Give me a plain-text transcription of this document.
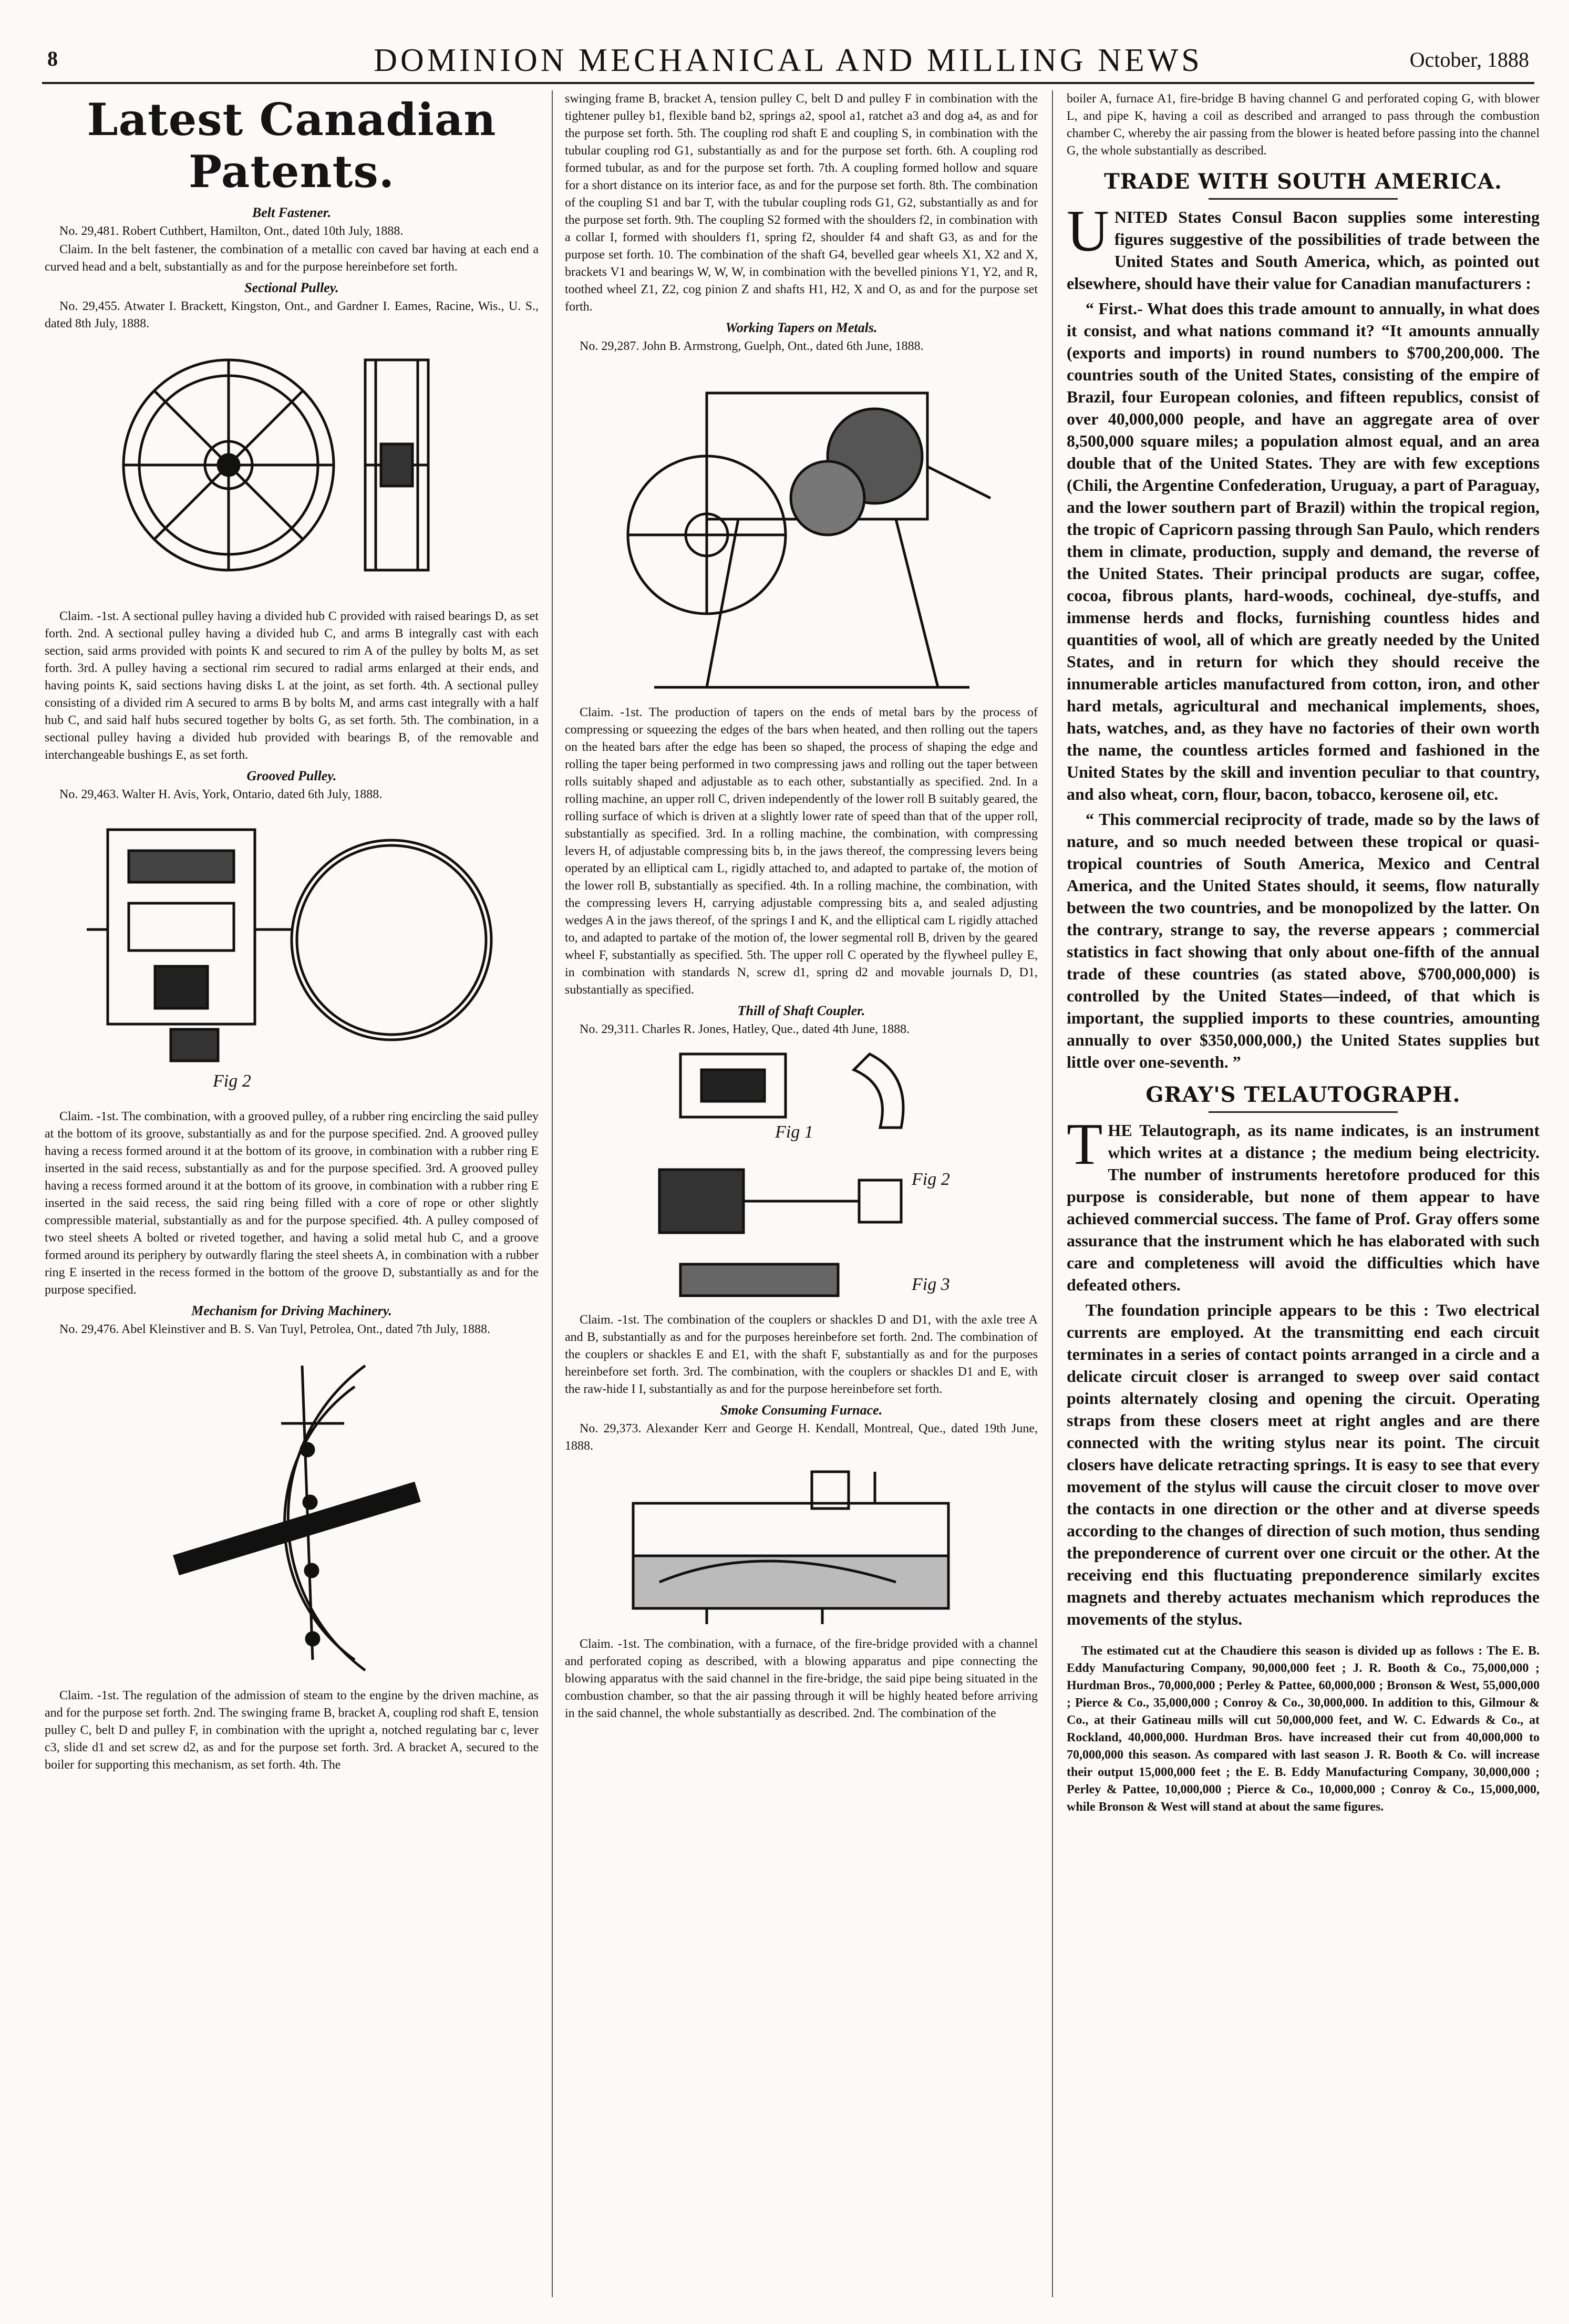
8	DOMINION MECHANICAL AND MILLING NEWS	October, 1888
Latest Canadian Patents.
Belt Fastener.

No. 29,481. Robert Cuthbert, Hamilton, Ont., dated 10th July, 1888.

Claim. In the belt fastener, the combination of a metallic con caved bar having at each end a curved head and a belt, substantially as and for the purpose hereinbefore set forth.

Sectional Pulley.

No. 29,455. Atwater I. Brackett, Kingston, Ont., and Gardner I. Eames, Racine, Wis., U. S., dated 8th July, 1888.

Claim. -1st. A sectional pulley having a divided hub C provided with raised bearings D, as set forth. 2nd. A sectional pulley having a divided hub C, and arms B integrally cast with each section, said arms provided with points K and secured to rim A of the pulley by bolts M, as set forth. 3rd. A pulley having a sectional rim secured to radial arms enlarged at their ends, and having points K, said sections having disks L at the joint, as set forth. 4th. A sectional pulley consisting of a divided rim A secured to arms B by bolts M, and arms cast integrally with a half hub C, and said half hubs secured together by bolts G, as set forth. 5th. The combination, in a sectional pulley having a divided hub provided with bearings B, of the removable and interchangeable bushings E, as set forth.

Grooved Pulley.

No. 29,463. Walter H. Avis, York, Ontario, dated 6th July, 1888.

Fig 2

Claim. -1st. The combination, with a grooved pulley, of a rubber ring encircling the said pulley at the bottom of its groove, substantially as and for the purpose specified. 2nd. A grooved pulley having a recess formed around it at the bottom of its groove, in combination with a rubber ring E inserted in the said recess, substantially as and for the purpose specified. 3rd. A grooved pulley having a recess formed around it at the bottom of its groove, in combination with a rubber ring E inserted in the said recess, the said ring being filled with a core of rope or other slightly compressible material, substantially as and for the purpose specified. 4th. A pulley composed of two steel sheets A bolted or riveted together, and having a solid metal hub C, and a groove formed around its periphery by outwardly flaring the steel sheets A, in combination with a rubber ring E inserted in the recess formed in the bottom of the groove D, substantially as and for the purpose specified.

Mechanism for Driving Machinery.

No. 29,476. Abel Kleinstiver and B. S. Van Tuyl, Petrolea, Ont., dated 7th July, 1888.

Claim. -1st. The regulation of the admission of steam to the engine by the driven machine, as and for the purpose set forth. 2nd. The swinging frame B, bracket A, coupling rod shaft E, tension pulley C, belt D and pulley F, in combination with the upright a, notched regulating bar c, lever c3, slide d1 and set screw d2, as and for the purpose set forth. 3rd. A bracket A, secured to the boiler for supporting this mechanism, as set forth. 4th. The

swinging frame B, bracket A, tension pulley C, belt D and pulley F in combination with the tightener pulley b1, flexible band b2, springs a2, spool a1, ratchet a3 and dog a4, as and for the purpose set forth. 5th. The coupling rod shaft E and coupling S, in combination with the tubular coupling rod G1, substantially as and for the purpose set forth. 6th. A coupling rod formed tubular, as and for the purpose set forth. 7th. A coupling formed hollow and square for a short distance on its interior face, as and for the purpose set forth. 8th. The combination of the coupling S1 and bar T, with the tubular coupling rods G1, G2, substantially as and for the purpose set forth. 9th. The coupling S2 formed with the shoulders f2, in combination with a collar I, formed with shoulders f1, spring f2, shoulder f4 and shaft G3, as and for the purpose set forth. 10. The combination of the shaft G4, bevelled gear wheels X1, X2 and X, brackets V1 and bearings W, W, W, in combination with the bevelled pinions Y1, Y2, and R, toothed wheel Z1, Z2, cog pinion Z and shafts H1, H2, X and O, as and for the purpose set forth.

Working Tapers on Metals.

No. 29,287. John B. Armstrong, Guelph, Ont., dated 6th June, 1888.

Claim. -1st. The production of tapers on the ends of metal bars by the process of compressing or squeezing the edges of the bars when heated, and then rolling out the tapers on the heated bars after the edge has been so shaped, the process of shaping the edge and rolling the taper being performed in two compressing jaws and rolling out the taper between rolls suitably shaped and adjustable as to each other, substantially as specified. 2nd. In a rolling machine, an upper roll C, driven independently of the lower roll B suitably geared, the rolling surface of which is driven at a slightly lower rate of speed than that of the upper roll, substantially as specified. 3rd. In a rolling machine, the combination, with compressing levers H, of adjustable compressing bits b, in the jaws thereof, the compressing levers being operated by an elliptical cam L, rigidly attached to, and adapted to partake of, the motion of the lower roll B, substantially as specified. 4th. In a rolling machine, the combination, with the compressing levers H, carrying adjustable compressing bits a, and sealed adjusting wedges A in the jaws thereof, of the springs I and K, and the elliptical cam L rigidly attached to, and adapted to partake of the motion of, the lower segmental roll B, driven by the geared wheel F, substantially as specified. 5th. The upper roll C operated by the flywheel pulley E, in combination with standards N, screw d1, spring d2 and movable journals D, D1, substantially as specified.

Thill of Shaft Coupler.

No. 29,311. Charles R. Jones, Hatley, Que., dated 4th June, 1888.

Fig 1
Fig 2
Fig 3

Claim. -1st. The combination of the couplers or shackles D and D1, with the axle tree A and B, substantially as and for the purposes hereinbefore set forth. 2nd. The combination of the couplers or shackles E and E1, with the shaft F, substantially as and for the purposes hereinbefore set forth. 3rd. The combination, with the couplers or shackles D1 and E, with the raw-hide I I, substantially as and for the purpose hereinbefore set forth.

Smoke Consuming Furnace.

No. 29,373. Alexander Kerr and George H. Kendall, Montreal, Que., dated 19th June, 1888.

Claim. -1st. The combination, with a furnace, of the fire-bridge provided with a channel and perforated coping as described, with a blowing apparatus and pipe connecting the blowing apparatus with the said channel in the fire-bridge, the said pipe being situated in the combustion chamber, so that the air passing through it will be highly heated before arriving in the said channel, the whole substantially as described. 2nd. The combination of the

boiler A, furnace A1, fire-bridge B having channel G and perforated coping G, with blower L, and pipe K, having a coil as described and arranged to pass through the combustion chamber C, whereby the air passing from the blower is heated before passing into the channel G, the whole substantially as described.

TRADE WITH SOUTH AMERICA.

UNITED States Consul Bacon supplies some interesting figures suggestive of the possibilities of trade between the United States and South America, which, as pointed out elsewhere, should have their value for Canadian manufacturers :

“ First.- What does this trade amount to annually, in what does it consist, and what nations command it? “It amounts annually (exports and imports) in round numbers to $700,200,000. The countries south of the United States, consisting of the empire of Brazil, four European colonies, and fifteen republics, consist of over 40,000,000 people, and have an aggregate area of over 8,500,000 square miles; a population almost equal, and an area double that of the United States. They are with few exceptions (Chili, the Argentine Confederation, Uruguay, a part of Paraguay, and the lower southern part of Brazil) within the tropical region, the tropic of Capricorn passing through San Paulo, which renders them in climate, production, supply and demand, the reverse of the United States. Their principal products are sugar, coffee, cocoa, fibrous plants, hard-woods, cochineal, dye-stuffs, and immense herds and flocks, furnishing countless hides and quantities of wool, all of which are greatly needed by the United States, and in return for which they should receive the innumerable articles manufactured from cotton, iron, and other hard metals, agricultural and mechanical implements, shoes, hats, watches, and, as they have no factories of their own worth the name, the countless articles formed and fashioned in the United States by the skill and invention peculiar to that country, and also wheat, corn, flour, bacon, tobacco, kerosene oil, etc.

“ This commercial reciprocity of trade, made so by the laws of nature, and so much needed between these tropical or quasi-tropical countries of South America, Mexico and Central America, and the United States should, it seems, flow naturally between the two countries, and be monopolized by the latter. On the contrary, strange to say, the reverse appears ; commercial statistics in fact showing that only about one-fifth of the annual trade of these countries (as stated above, $700,000,000) is controlled by the United States—indeed, of that which is important, the supplied imports to these countries, amounting annually to over $350,000,000,) the United States supplies but little over one-seventh. ”

GRAY'S TELAUTOGRAPH.

THE Telautograph, as its name indicates, is an instrument which writes at a distance ; the medium being electricity. The number of instruments heretofore produced for this purpose is considerable, but none of them appear to have achieved commercial success. The fame of Prof. Gray offers some assurance that the instrument which he has elaborated with such care and completeness will avoid the difficulties which have defeated others.

The foundation principle appears to be this : Two electrical currents are employed. At the transmitting end each circuit terminates in a series of contact points arranged in a circle and a delicate circuit closer is arranged to sweep over said contact points alternately closing and opening the circuit. Operating straps from these closers meet at right angles and are there connected with the writing stylus near its point. The circuit closers have delicate retracting springs. It is easy to see that every movement of the stylus will cause the circuit closer to move over the contacts in one direction or the other and at diverse speeds according to the changes of direction of such motion, thus sending the preponderence of current over one circuit or the other. At the receiving end this fluctuating preponderence similarly excites magnets and thereby actuates mechanism which reproduces the movements of the stylus.

The estimated cut at the Chaudiere this season is divided up as follows : The E. B. Eddy Manufacturing Company, 90,000,000 feet ; J. R. Booth & Co., 75,000,000 ; Hurdman Bros., 70,000,000 ; Perley & Pattee, 60,000,000 ; Bronson & West, 55,000,000 ; Pierce & Co., 35,000,000 ; Conroy & Co., 30,000,000. In addition to this, Gilmour & Co., at their Gatineau mills will cut 50,000,000 feet, and W. C. Edwards & Co., at Rockland, 40,000,000. Hurdman Bros. have increased their cut from 40,000,000 to 70,000,000 this season. As compared with last season J. R. Booth & Co. will increase their output 15,000,000 feet ; the E. B. Eddy Manufacturing Company, 30,000,000 ; Perley & Pattee, 10,000,000 ; Pierce & Co., 10,000,000 ; Conroy & Co., 15,000,000, while Bronson & West will stand at about the same figures.
